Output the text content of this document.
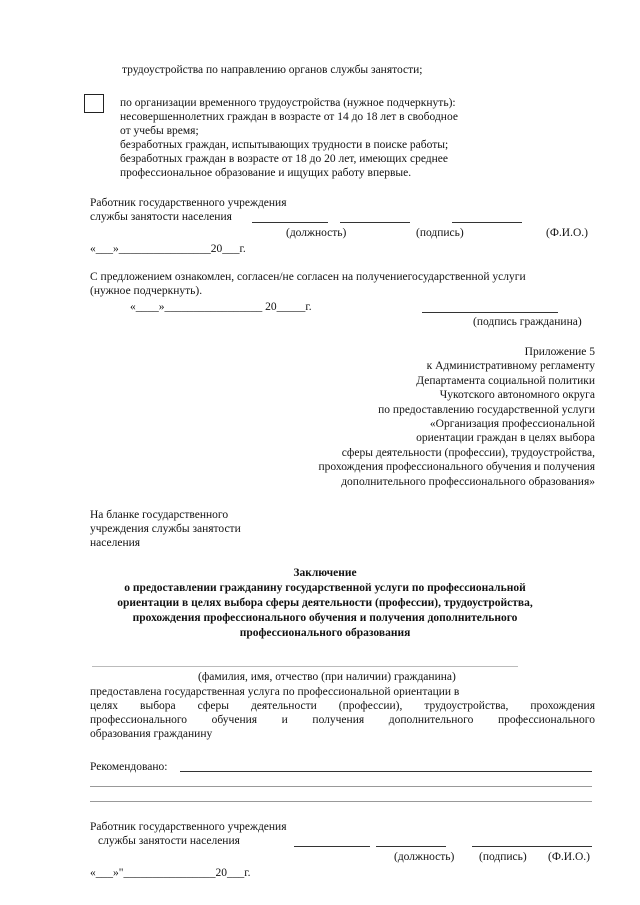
трудоустройства по направлению органов службы занятости;
по организации временного трудоустройства (нужное подчеркнуть):
несовершеннолетних граждан в возрасте от 14 до 18 лет в свободное
от учебы время;
безработных граждан, испытывающих трудности в поиске работы;
безработных граждан в возрасте от 18 до 20 лет, имеющих среднее
профессиональное образование и ищущих работу впервые.
Работник государственного учреждения
службы занятости населения
(должность)	(подпись)	(Ф.И.О.)
«___»________________20___г.
С предложением ознакомлен, согласен/не согласен на получениегосударственной услуги
(нужное подчеркнуть).
«____»_________________ 20_____г.
(подпись гражданина)
Приложение 5
к Административному регламенту
Департамента социальной политики
Чукотского автономного округа
по предоставлению государственной услуги
«Организация профессиональной
ориентации граждан в целях выбора
сферы деятельности (профессии), трудоустройства,
прохождения профессионального обучения и получения
дополнительного профессионального образования»
На бланке государственного
учреждения службы занятости
населения
Заключение
о предоставлении гражданину государственной услуги по профессиональной
ориентации в целях выбора сферы деятельности (профессии), трудоустройства,
прохождения профессионального обучения и получения дополнительного
профессионального образования
(фамилия, имя, отчество (при наличии) гражданина)
предоставлена государственная услуга по профессиональной ориентации в
целях выбора сферы деятельности (профессии), трудоустройства, прохождения
профессионального обучения и получения дополнительного профессионального
образования гражданину
Рекомендовано:
Работник государственного учреждения
службы занятости населения
(должность) (подпись) (Ф.И.О.)
«___»"________________20___г.
